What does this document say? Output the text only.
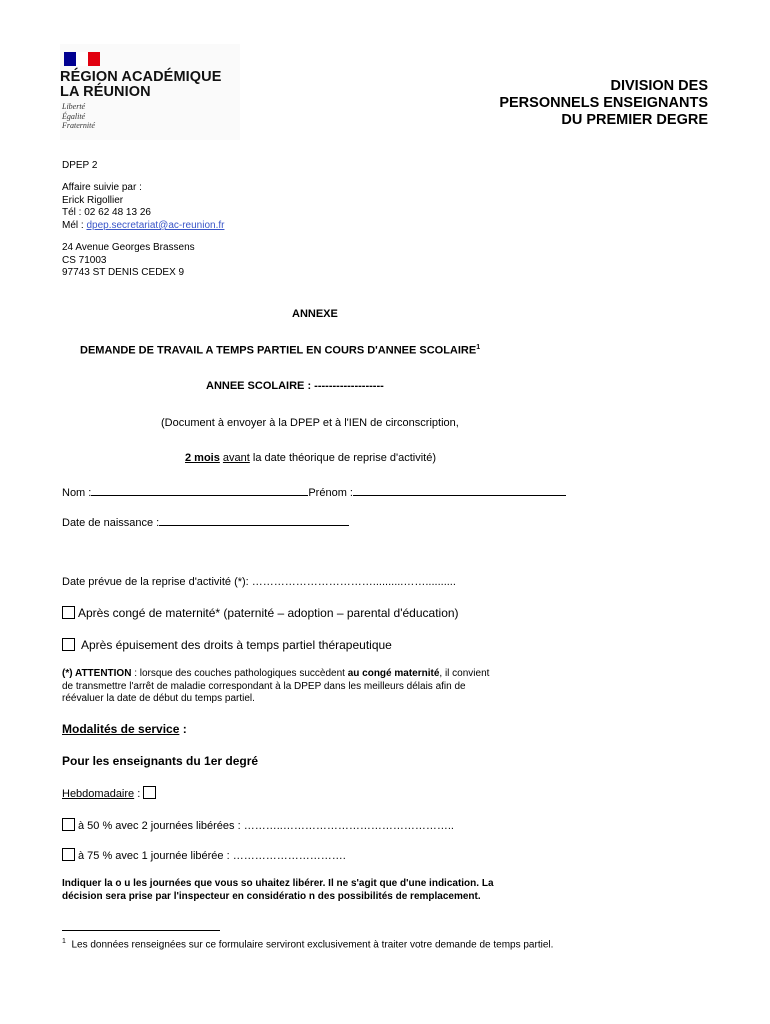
RÉGION ACADÉMIQUE
LA RÉUNION
Liberté
Égalité
Fraternité
DIVISION DES
PERSONNELS ENSEIGNANTS
DU PREMIER DEGRE
DPEP 2
Affaire suivie par :
Erick Rigollier
Tél : 02 62 48 13 26
Mél : dpep.secretariat@ac-reunion.fr
24 Avenue Georges Brassens
CS 71003
97743 ST DENIS CEDEX 9
ANNEXE
DEMANDE DE TRAVAIL A TEMPS PARTIEL EN COURS D'ANNEE SCOLAIRE$^1$
ANNEE SCOLAIRE : -------------------
(Document à envoyer à la DPEP et à l'IEN de circonscription,
2 mois avant la date théorique de reprise d'activité)
Nom :	Prénom :
Date de naissance :
Date prévue de la reprise d'activité (*): ……………………………..........……..........
Après congé de maternité* (paternité – adoption – parental d'éducation)
Après épuisement des droits à temps partiel thérapeutique
(*) ATTENTION : lorsque des couches pathologiques succèdent au congé maternité, il convient
de transmettre l'arrêt de maladie correspondant à la DPEP dans les meilleurs délais afin de
réévaluer la date de début du temps partiel.
Modalités de service :
Pour les enseignants du 1er degré
Hebdomadaire :
à 50 % avec 2 journées libérées : ………..………………………………………..
à 75 % avec 1 journée libérée : ………………………….
Indiquer la o u les journées que vous so uhaitez libérer. Il ne s'agit que d'une indication. La
décision sera prise par l'inspecteur en considératio n des possibilités de remplacement.
$^1$ Les données renseignées sur ce formulaire serviront exclusivement à traiter votre demande de temps partiel.
